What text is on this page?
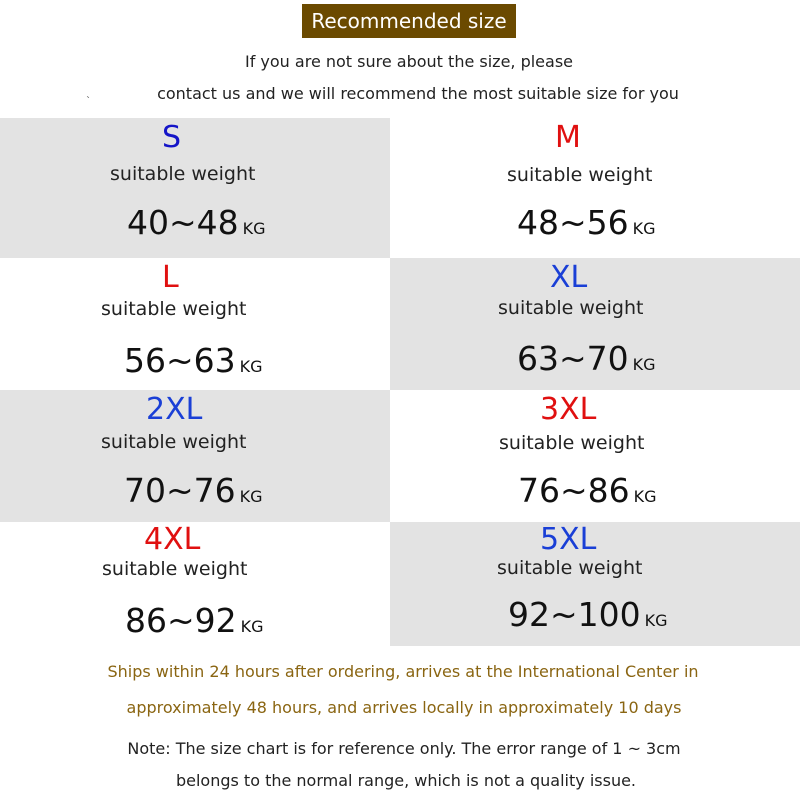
Recommended size
If you are not sure about the size, please
contact us and we will recommend the most suitable size for you
`
S
suitable weight
40~48 KG
M
suitable weight
48~56 KG
L
suitable weight
56~63 KG
XL
suitable weight
63~70 KG
2XL
suitable weight
70~76 KG
3XL
suitable weight
76~86 KG
4XL
suitable weight
86~92 KG
5XL
suitable weight
92~100 KG
Ships within 24 hours after ordering, arrives at the International Center in
approximately 48 hours, and arrives locally in approximately 10 days
Note: The size chart is for reference only. The error range of 1 ~ 3cm
belongs to the normal range, which is not a quality issue.
